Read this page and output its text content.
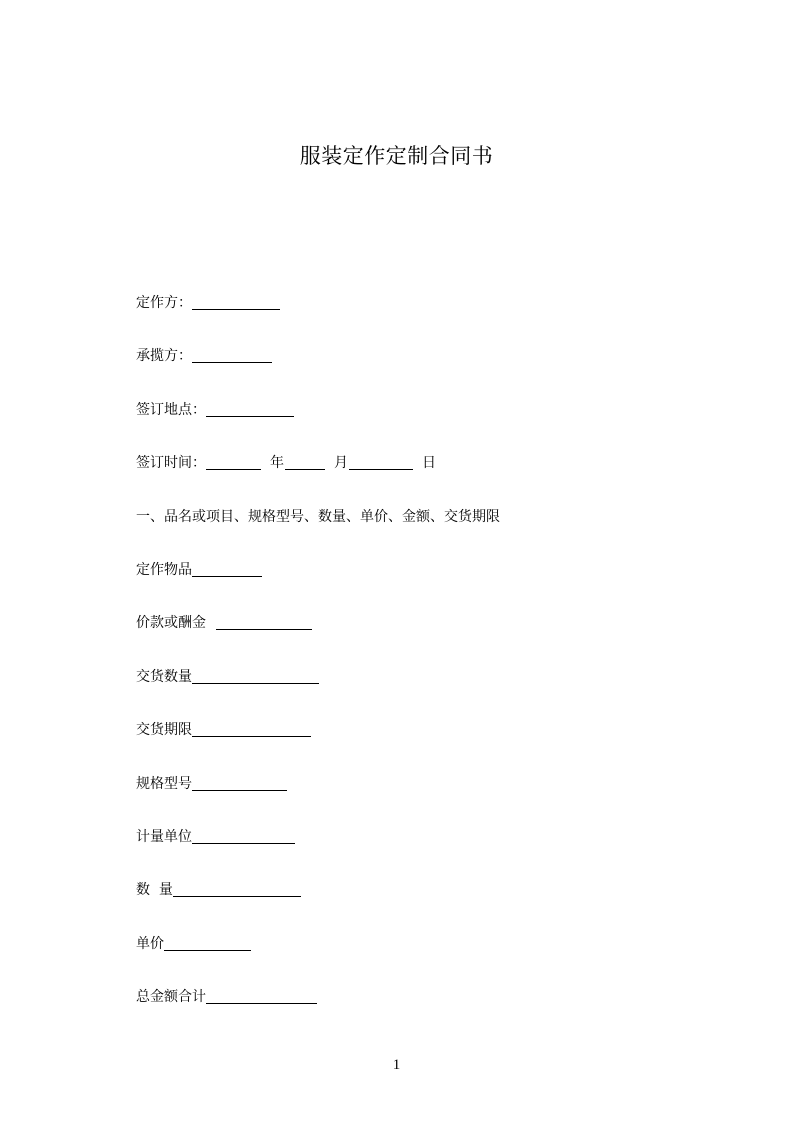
服装定作定制合同书
定作方：
承揽方：
签订地点：
签订时间：	年	月	日
一、品名或项目、规格型号、数量、单价、金额、交货期限
定作物品
价款或酬金
交货数量
交货期限
规格型号
计量单位
数  量
单价
总金额合计
1
